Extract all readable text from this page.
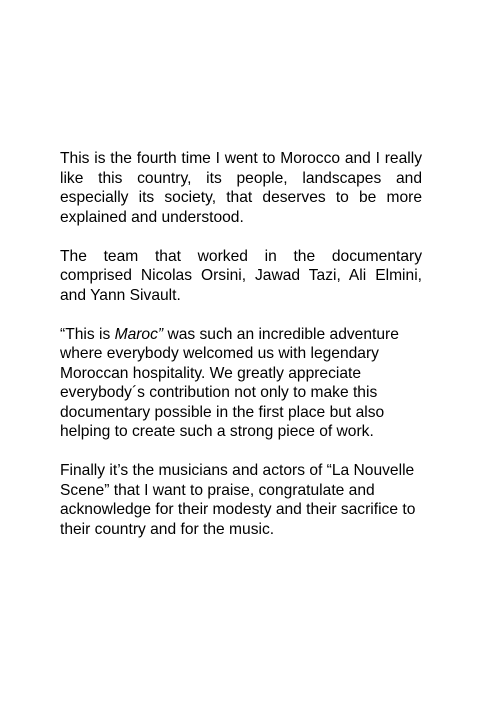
This is the fourth time I went to Morocco and I really like this country, its people, landscapes and especially its society, that deserves to be more explained and understood.

The team that worked in the documentary comprised Nicolas Orsini, Jawad Tazi, Ali Elmini, and Yann Sivault.

“This is Maroc” was such an incredible adventure where everybody welcomed us with legendary Moroccan hospitality. We greatly appreciate everybody´s contribution not only to make this documentary possible in the first place but also helping to create such a strong piece of work.

Finally it’s the musicians and actors of “La Nouvelle Scene” that I want to praise, congratulate and acknowledge for their modesty and their sacrifice to their country and for the music.
